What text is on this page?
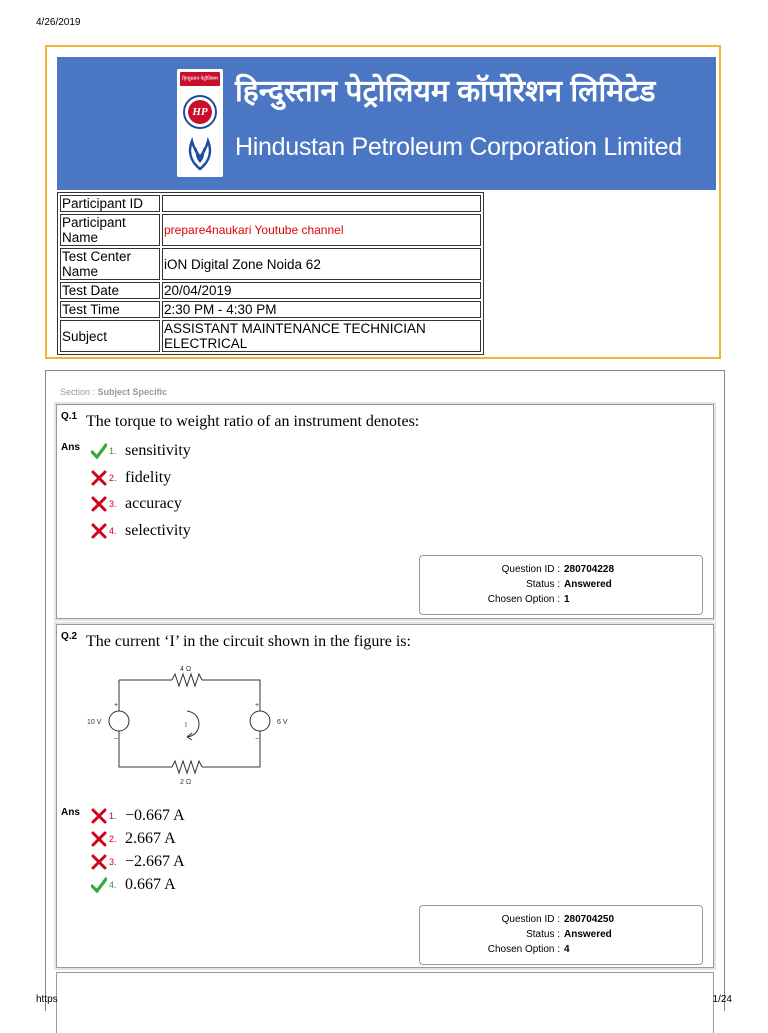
4/26/2019
हिन्दुस्तान पेट्रोलियम
HP
हिन्दुस्तान पेट्रोलियम कॉर्पोरेशन लिमिटेड
Hindustan Petroleum Corporation Limited
Participant ID	
Participant Name	prepare4naukari Youtube channel
Test Center Name	iON Digital Zone Noida 62
Test Date	20/04/2019
Test Time	2:30 PM - 4:30 PM
Subject	ASSISTANT MAINTENANCE TECHNICIAN ELECTRICAL
Section : Subject Specific
Q.1 The torque to weight ratio of an instrument denotes:
Ans	1. sensitivity
2. fidelity
3. accuracy
4. selectivity
Question ID : 280704228
Status : Answered
Chosen Option : 1
Q.2 The current ‘I’ in the circuit shown in the figure is:
4 Ω
2 Ω
10 V	6 V
I
+
−
+
−
Ans	1. −0.667 A
2. 2.667 A
3. −2.667 A
4. 0.667 A
Question ID : 280704250
Status : Answered
Chosen Option : 4
https	1/24
